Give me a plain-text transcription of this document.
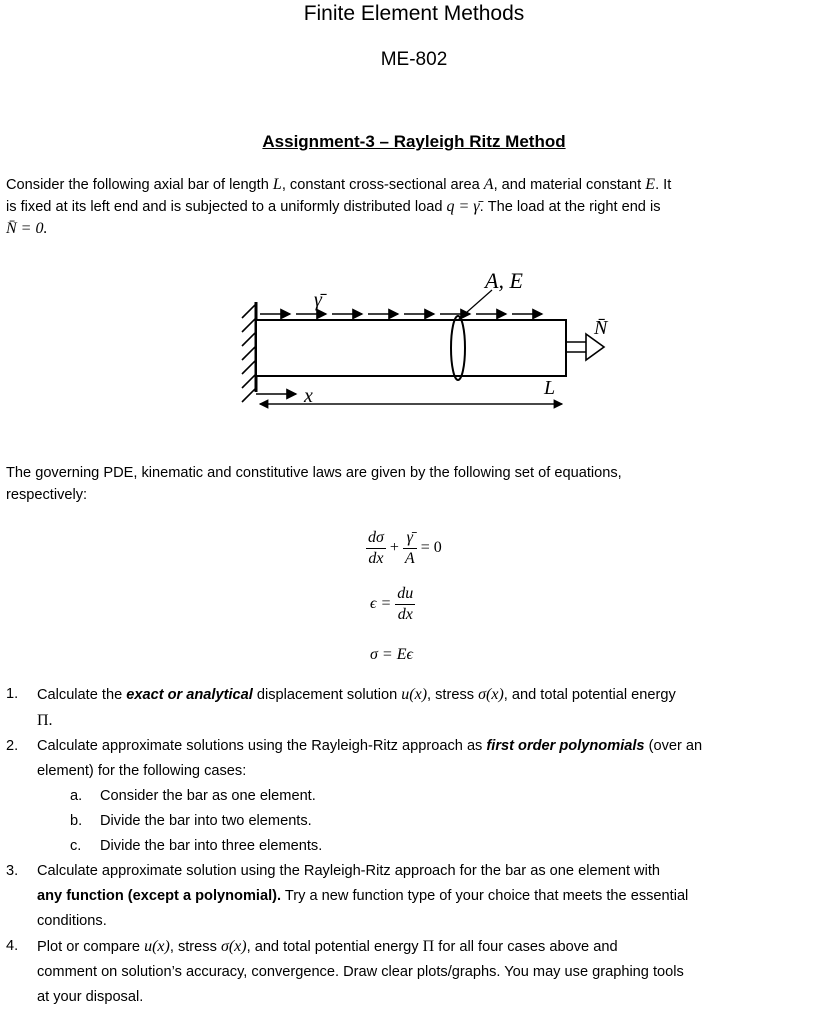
Finite Element Methods
ME-802
Assignment-3 – Rayleigh Ritz Method
Consider the following axial bar of length L, constant cross-sectional area A, and material constant E. It
is fixed at its left end and is subjected to a uniformly distributed load q = γ̄. The load at the right end is
N̄ = 0.
A, E
γ̄
N̄
x	L
The governing PDE, kinematic and constitutive laws are given by the following set of equations,
respectively:
$\frac{d\sigma}{dx} + \frac{\gammā}{A} = 0$
$\epsilon = \frac{du}{dx}$
σ = Eϵ
1. Calculate the exact or analytical displacement solution u(x), stress σ(x), and total potential energy
Π.
2. Calculate approximate solutions using the Rayleigh-Ritz approach as first order polynomials (over an
element) for the following cases:
a. Consider the bar as one element.
b. Divide the bar into two elements.
c. Divide the bar into three elements.
3. Calculate approximate solution using the Rayleigh-Ritz approach for the bar as one element with
any function (except a polynomial). Try a new function type of your choice that meets the essential
conditions.
4. Plot or compare u(x), stress σ(x), and total potential energy Π for all four cases above and
comment on solution’s accuracy, convergence. Draw clear plots/graphs. You may use graphing tools
at your disposal.
